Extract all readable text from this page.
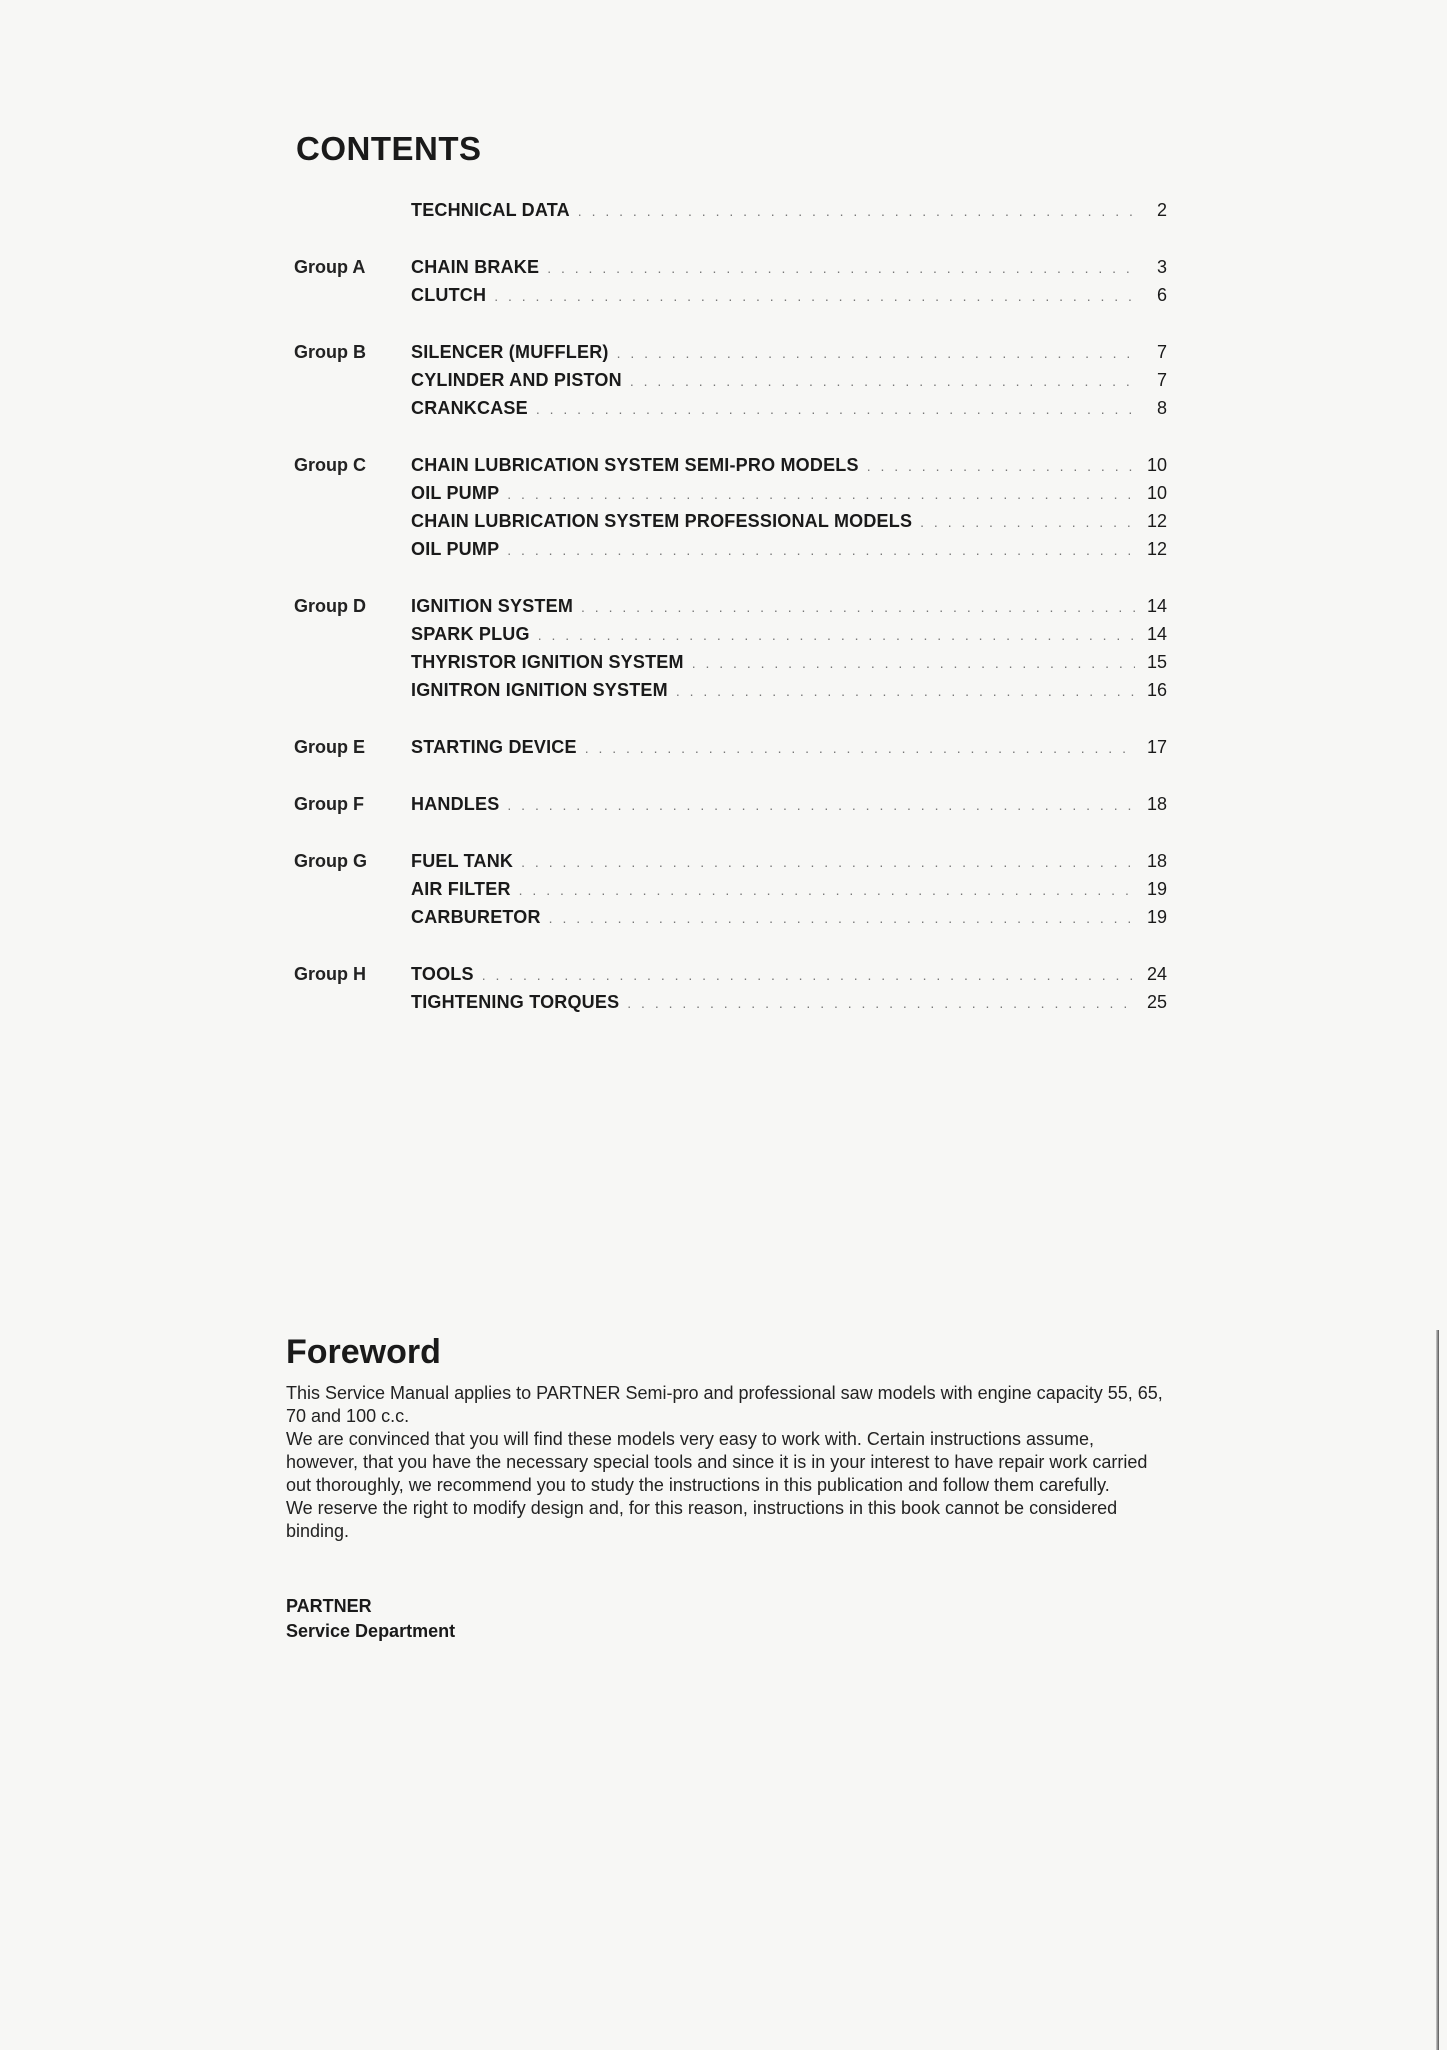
CONTENTS
TECHNICAL DATA . . .	2
Group A	CHAIN BRAKE . . .	3
CLUTCH . . .	6
Group B	SILENCER (MUFFLER) . . .	7
CYLINDER AND PISTON . . .	7
CRANKCASE . . .	8
Group C	CHAIN LUBRICATION SYSTEM SEMI-PRO MODELS . . .	10
OIL PUMP . . .	10
CHAIN LUBRICATION SYSTEM PROFESSIONAL MODELS . . .	12
OIL PUMP . . .	12
Group D	IGNITION SYSTEM . . .	14
SPARK PLUG . . .	14
THYRISTOR IGNITION SYSTEM . . .	15
IGNITRON IGNITION SYSTEM . . .	16
Group E	STARTING DEVICE . . .	17
Group F	HANDLES . . .	18
Group G FUEL TANK . . .	18
AIR FILTER . . .	19
CARBURETOR . . .	19
Group H	TOOLS . . .	24
TIGHTENING TORQUES . . .	25
Foreword

This Service Manual applies to PARTNER Semi-pro and professional saw models with engine capacity 55, 65, 70 and 100 c.c.

We are convinced that you will find these models very easy to work with. Certain instructions assume, however, that you have the necessary special tools and since it is in your interest to have repair work carried out thoroughly, we recommend you to study the instructions in this publication and follow them carefully.

We reserve the right to modify design and, for this reason, instructions in this book cannot be considered binding.

PARTNER
Service Department
